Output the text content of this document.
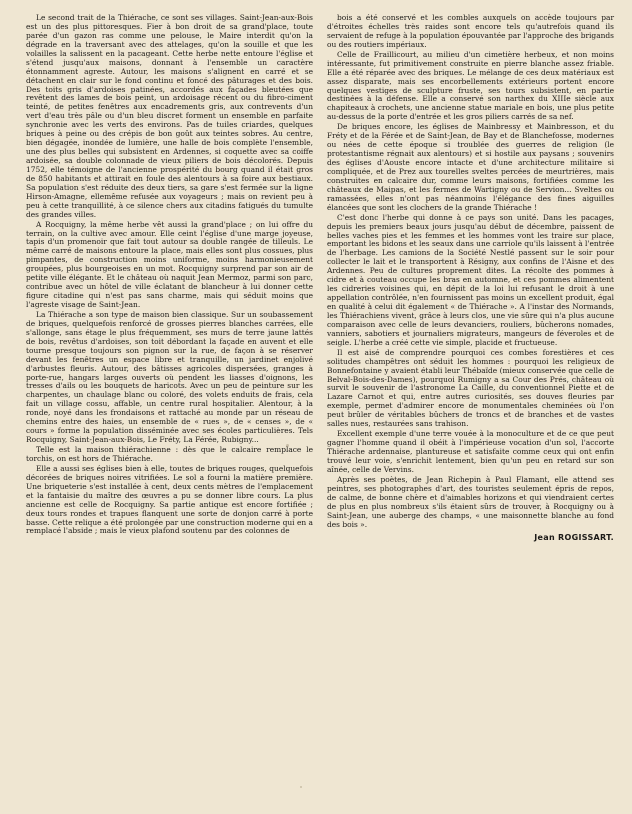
Le second trait de la Thiérache, ce sont ses villages. Saint-Jean-aux-Bois est un des plus pittoresques. Fier à bon droit de sa grand'place, toute parée d'un gazon ras comme une pelouse, le Maire interdit qu'on la dégrade en la traversant avec des attelages, qu'on la souille et que les volailles la salissent en la pacageant. Cette herbe nette entoure l'église et s'étend jusqu'aux maisons, donnant à l'ensemble un caractère étonnamment agreste. Autour, les maisons s'alignent en carré et se détachent en clair sur le fond continu et foncé des pâturages et des bois. Des toits gris d'ardoises patinées, accordés aux façades bleutées que revêtent des lames de bois peint, un ardoisage récent ou du fibro-ciment teinté, de petites fenêtres aux encadrements gris, aux contrevents d'un vert d'eau très pâle ou d'un bleu discret forment un ensemble en parfaite synchronie avec les verts des environs. Pas de tuiles criardes, quelques briques à peine ou des crépis de bon goût aux teintes sobres. Au centre, bien dégagée, inondée de lumière, une halle de bois complète l'ensemble, une des plus belles qui subsistent en Ardennes, si coquette avec sa coiffe ardoisée, sa double colonnade de vieux piliers de bois décolorés. Depuis 1752, elle témoigne de l'ancienne prospérité du bourg quand il était gros de 850 habitants et attirait en foule des alentours à sa foire aux bestiaux. Sa population s'est réduite des deux tiers, sa gare s'est fermée sur la ligne Hirson-Amagne, ellemême refusée aux voyageurs ; mais on revient peu à peu à cette tranquillité, à ce silence chers aux citadins fatigués du tumulte des grandes villes.

A Rocquigny, la même herbe vêt aussi la grand'place ; on lui offre du terrain, on la cultive avec amour. Elle ceint l'église d'une marge joyeuse, tapis d'un promenoir que fait tout autour sa double rangée de tilleuls. Le même carré de maisons entoure la place, mais elles sont plus cossues, plus pimpantes, de construction moins uniforme, moins harmonieusement groupées, plus bourgeoises en un mot. Rocquigny surprend par son air de petite ville élégante. Et le château où naquit Jean Mermoz, parmi son parc, contribue avec un hôtel de ville éclatant de blancheur à lui donner cette figure citadine qui n'est pas sans charme, mais qui séduit moins que l'agreste visage de Saint-Jean.

La Thiérache a son type de maison bien classique. Sur un soubassement de briques, quelquefois renforcé de grosses pierres blanches carrées, elle s'allonge, sans étage le plus fréquemment, ses murs de terre jaune lattés de bois, revêtus d'ardoises, son toit débordant la façade en auvent et elle tourne presque toujours son pignon sur la rue, de façon à se réserver devant les fenêtres un espace libre et tranquille, un jardinet enjolivé d'arbustes fleuris. Autour, des bâtisses agricoles dispersées, granges à porte-rue, hangars larges ouverts où pendent les liasses d'oignons, les tresses d'ails ou les bouquets de haricots. Avec un peu de peinture sur les charpentes, un chaulage blanc ou coloré, des volets enduits de frais, cela fait un village cossu, affable, un centre rural hospitalier. Alentour, à la ronde, noyé dans les frondaisons et rattaché au monde par un réseau de chemins entre des haies, un ensemble de « rues », de « censes », de « cours » forme la population disséminée avec ses écoles particulières. Tels Rocquigny, Saint-Jean-aux-Bois, Le Fréty, La Férée, Rubigny...

Telle est la maison thiérachienne : dès que le calcaire remplace le torchis, on est hors de Thiérache.

Elle a aussi ses églises bien à elle, toutes de briques rouges, quelquefois décorées de briques noires vitrifiées. Le sol a fourni la matière première. Une briqueterie s'est installée à cent, deux cents mètres de l'emplacement et la fantaisie du maître des œuvres a pu se donner libre cours. La plus ancienne est celle de Rocquigny. Sa partie antique est encore fortifiée ; deux tours rondes et trapues flanquent une sorte de donjon carré à porte basse. Cette relique a été prolongée par une construction moderne qui en a remplacé l'abside ; mais le vieux plafond soutenu par des colonnes de

bois a été conservé et les combles auxquels on accède toujours par d'étroites échelles très raides sont encore tels qu'autrefois quand ils servaient de refuge à la population épouvantée par l'approche des brigands ou des routiers impériaux.

Celle de Fraillicourt, au milieu d'un cimetière herbeux, et non moins intéressante, fut primitivement construite en pierre blanche assez friable. Elle a été réparée avec des briques. Le mélange de ces deux matériaux est assez disparate, mais ses encorbellements extérieurs portent encore quelques vestiges de sculpture fruste, ses tours subsistent, en partie destinées à la défense. Elle a conservé son narthex du XIIIe siècle aux chapiteaux à crochets, une ancienne statue mariale en bois, une plus petite au-dessus de la porte d'entrée et les gros piliers carrés de sa nef.

De briques encore, les églises de Mainbressy et Mainbresson, et du Fréty et de la Férée et de Saint-Jean, de Bay et de Blanchefosse, modernes ou nées de cette époque si troublée des guerres de religion (le protestantisme régnait aux alentours) et si hostile aux paysans ; souvenirs des églises d'Aouste encore intacte et d'une architecture militaire si compliquée, et de Prez aux tourelles sveltes percées de meurtrières, mais construites en calcaire dur, comme leurs maisons, fortifiées comme les châteaux de Maipas, et les fermes de Wartigny ou de Servion... Sveltes ou ramassées, elles n'ont pas néanmoins l'élégance des fines aiguilles élancées que sont les clochers de la grande Thiérache !

C'est donc l'herbe qui donne à ce pays son unité. Dans les pacages, depuis les premiers beaux jours jusqu'au début de décembre, paissent de belles vaches pies et les femmes et les hommes vont les traire sur place, emportant les bidons et les seaux dans une carriole qu'ils laissent à l'entrée de l'herbage. Les camions de la Société Nestlé passent sur le soir pour collecter le lait et le transportent à Résigny, aux confins de l'Aisne et des Ardennes. Peu de cultures proprement dites. La récolte des pommes à cidre et à couteau occupe les bras en automne, et ces pommes alimentent les cidreries voisines qui, en dépit de la loi lui refusant le droit à une appellation contrôlée, n'en fournissent pas moins un excellent produit, égal en qualité à celui dit également « de Thiérache ». A l'instar des Normands, les Thiérachiens vivent, grâce à leurs clos, une vie sûre qui n'a plus aucune comparaison avec celle de leurs devanciers, rouliers, bûcherons nomades, vanniers, sabotiers et journaliers migrateurs, mangeurs de féveroles et de seigle. L'herbe a créé cette vie simple, placide et fructueuse.

Il est aisé de comprendre pourquoi ces combes forestières et ces solitudes champêtres ont séduit les hommes : pourquoi les religieux de Bonnefontaine y avaient établi leur Thébaïde (mieux conservée que celle de Belval-Bois-des-Dames), pourquoi Rumigny a sa Cour des Prés, château où survit le souvenir de l'astronome La Caille, du conventionnel Piette et de Lazare Carnot et qui, entre autres curiosités, ses douves fleuries par exemple, permet d'admirer encore de monumentales cheminées où l'on peut brûler de véritables bûchers de troncs et de branches et de vastes salles nues, restaurées sans trahison.

Excellent exemple d'une terre vouée à la monoculture et de ce que peut gagner l'homme quand il obéit à l'impérieuse vocation d'un sol, l'accorte Thiérache ardennaise, plantureuse et satisfaite comme ceux qui ont enfin trouvé leur voie, s'enrichit lentement, bien qu'un peu en retard sur son aînée, celle de Vervins.

Après ses poètes, de Jean Richepin à Paul Flamant, elle attend ses peintres, ses photographes d'art, des touristes seulement épris de repos, de calme, de bonne chère et d'aimables horizons et qui viendraient certes de plus en plus nombreux s'ils étaient sûrs de trouver, à Rocquigny ou à Saint-Jean, une auberge des champs, « une maisonnette blanche au fond des bois ».

Jean ROGISSART.
